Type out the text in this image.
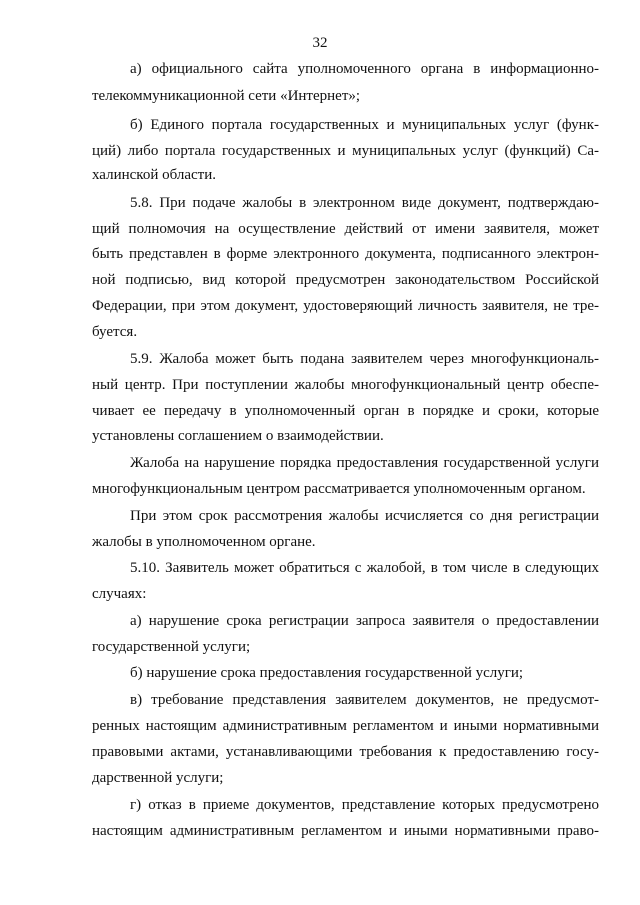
32
а) официального сайта уполномоченного органа в информационно-
телекоммуникационной сети «Интернет»;
б) Единого портала государственных и муниципальных услуг (функ-
ций) либо портала государственных и муниципальных услуг (функций) Са-
халинской области.
5.8. При подаче жалобы в электронном виде документ, подтверждаю-
щий полномочия на осуществление действий от имени заявителя, может
быть представлен в форме электронного документа, подписанного электрон-
ной подписью, вид которой предусмотрен законодательством Российской
Федерации, при этом документ, удостоверяющий личность заявителя, не тре-
буется.
5.9. Жалоба может быть подана заявителем через многофункциональ-
ный центр. При поступлении жалобы многофункциональный центр обеспе-
чивает ее передачу в уполномоченный орган в порядке и сроки, которые
установлены соглашением о взаимодействии.
Жалоба на нарушение порядка предоставления государственной услуги
многофункциональным центром рассматривается уполномоченным органом.
При этом срок рассмотрения жалобы исчисляется со дня регистрации
жалобы в уполномоченном органе.
5.10. Заявитель может обратиться с жалобой, в том числе в следующих
случаях:
а) нарушение срока регистрации запроса заявителя о предоставлении
государственной услуги;
б) нарушение срока предоставления государственной услуги;
в) требование представления заявителем документов, не предусмот-
ренных настоящим административным регламентом и иными нормативными
правовыми актами, устанавливающими требования к предоставлению госу-
дарственной услуги;
г) отказ в приеме документов, представление которых предусмотрено
настоящим административным регламентом и иными нормативными право-
